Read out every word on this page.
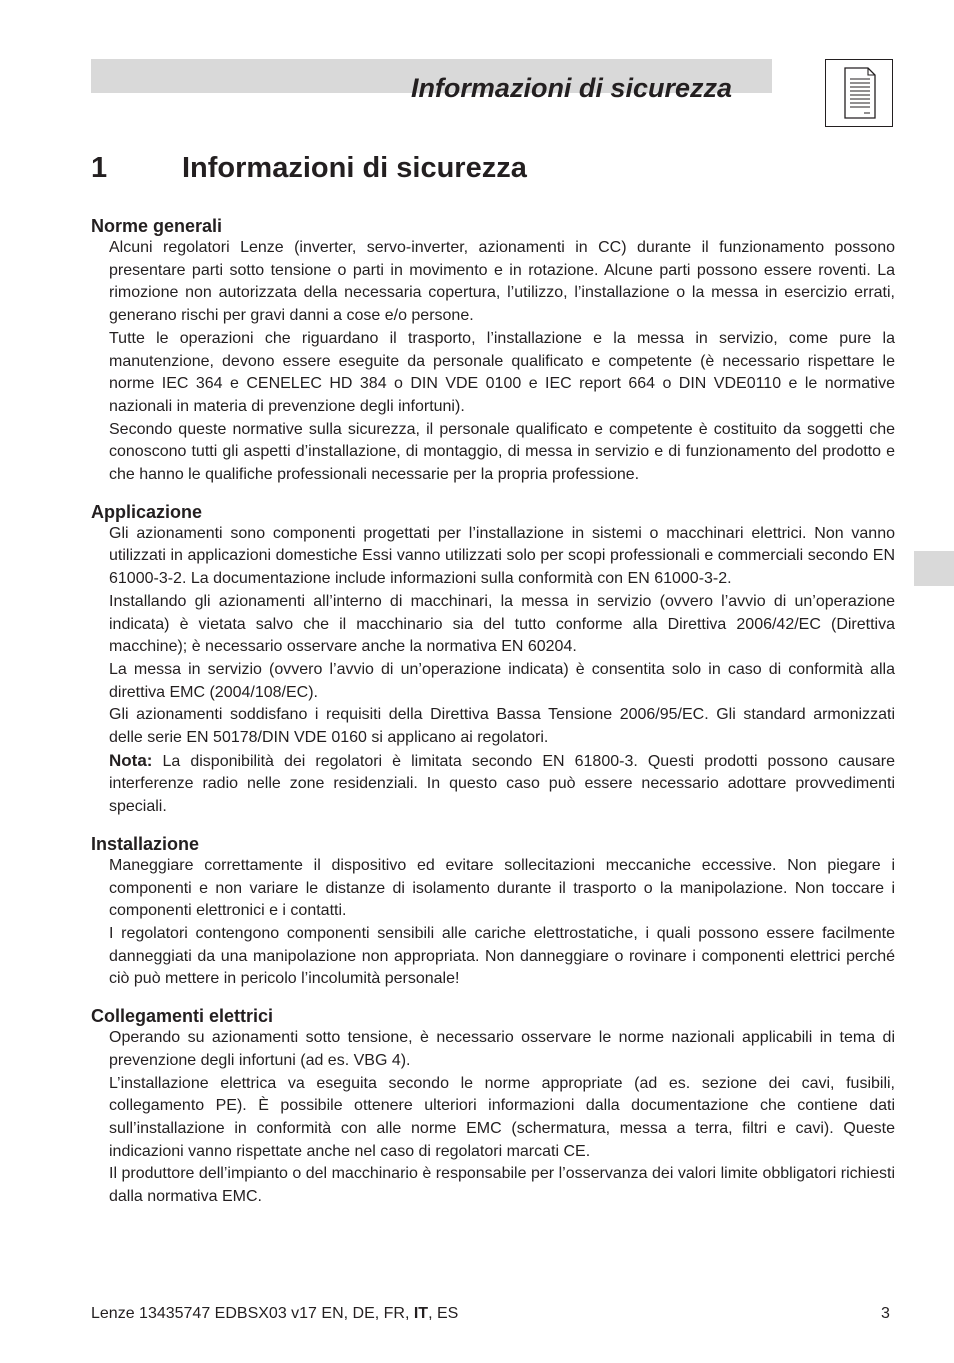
Informazioni di sicurezza
1	Informazioni di sicurezza
Norme generali

Alcuni regolatori Lenze (inverter, servo-inverter, azionamenti in CC) durante il funzionamento possono presentare parti sotto tensione o parti in movimento e in rotazione. Alcune parti possono essere roventi. La rimozione non autorizzata della necessaria copertura, l’utilizzo, l’installazione o la messa in esercizio errati, generano rischi per gravi danni a cose e/o persone.

Tutte le operazioni che riguardano il trasporto, l’installazione e la messa in servizio, come pure la manutenzione, devono essere eseguite da personale qualificato e competente (è necessario rispettare le norme IEC 364 e CENELEC HD 384 o DIN VDE 0100 e IEC report 664 o DIN VDE0110 e le normative nazionali in materia di prevenzione degli infortuni).

Secondo queste normative sulla sicurezza, il personale qualificato e competente è costituito da soggetti che conoscono tutti gli aspetti d’installazione, di montaggio, di messa in servizio e di funzionamento del prodotto e che hanno le qualifiche professionali necessarie per la propria professione.

Applicazione

Gli azionamenti sono componenti progettati per l’installazione in sistemi o macchinari elettrici. Non vanno utilizzati in applicazioni domestiche Essi vanno utilizzati solo per scopi professionali e commerciali secondo EN 61000-3-2. La documentazione include informazioni sulla conformità con EN 61000-3-2.

Installando gli azionamenti all’interno di macchinari, la messa in servizio (ovvero l’avvio di un’operazione indicata) è vietata salvo che il macchinario sia del tutto conforme alla Direttiva 2006/42/EC (Direttiva macchine); è necessario osservare anche la normativa EN 60204.

La messa in servizio (ovvero l’avvio di un’operazione indicata) è consentita solo in caso di conformità alla direttiva EMC (2004/108/EC).

Gli azionamenti soddisfano i requisiti della Direttiva Bassa Tensione 2006/95/EC. Gli standard armonizzati delle serie EN 50178/DIN VDE 0160 si applicano ai regolatori.

Nota: La disponibilità dei regolatori è limitata secondo EN 61800-3. Questi prodotti possono causare interferenze radio nelle zone residenziali. In questo caso può essere necessario adottare provvedimenti speciali.

Installazione

Maneggiare correttamente il dispositivo ed evitare sollecitazioni meccaniche eccessive. Non piegare i componenti e non variare le distanze di isolamento durante il trasporto o la manipolazione. Non toccare i componenti elettronici e i contatti.

I regolatori contengono componenti sensibili alle cariche elettrostatiche, i quali possono essere facilmente danneggiati da una manipolazione non appropriata. Non danneggiare o rovinare i componenti elettrici perché ciò può mettere in pericolo l’incolumità personale!

Collegamenti elettrici

Operando su azionamenti sotto tensione, è necessario osservare le norme nazionali applicabili in tema di prevenzione degli infortuni (ad es. VBG 4).

L’installazione elettrica va eseguita secondo le norme appropriate (ad es. sezione dei cavi, fusibili, collegamento PE). È possibile ottenere ulteriori informazioni dalla documentazione che contiene dati sull’installazione in conformità con alle norme EMC (schermatura, messa a terra, filtri e cavi). Queste indicazioni vanno rispettate anche nel caso di regolatori marcati CE.

Il produttore dell’impianto o del macchinario è responsabile per l’osservanza dei valori limite obbligatori richiesti dalla normativa EMC.

Lenze 13435747 EDBSX03 v17 EN, DE, FR, IT, ES	3
